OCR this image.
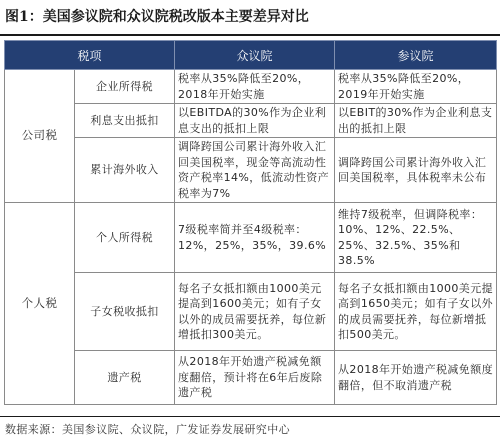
图1：美国参议院和众议院税改版本主要差异对比
税项		众议院	参议院
公司税	企业所得税	税率从35%降低至20%，2018年开始实施	税率从35%降低至20%，2019年开始实施
	利息支出抵扣	以EBITDA的30%作为企业利息支出的抵扣上限	以EBIT的30%作为企业利息支出的抵扣上限
	累计海外收入	调降跨国公司累计海外收入汇回美国税率，现金等高流动性资产税率14%，低流动性资产税率为7%	调降跨国公司累计海外收入汇回美国税率，具体税率未公布
个人税	个人所得税	7级税率简并至4级税率：12%，25%，35%，39.6%	维持7级税率，但调降税率：10%、12%、22.5%、25%、32.5%、35%和38.5%
	子女税收抵扣	每名子女抵扣额由1000美元提高到1600美元；如有子女以外的成员需要抚养，每位新增抵扣300美元。	每名子女抵扣额由1000美元提高到1650美元；如有子女以外的成员需要抚养，每位新增抵扣500美元。
	遗产税	从2018年开始遗产税减免额度翻倍，预计将在6年后废除遗产税	从2018年开始遗产税减免额度翻倍，但不取消遗产税
数据来源：美国参议院、众议院，广发证券发展研究中心
